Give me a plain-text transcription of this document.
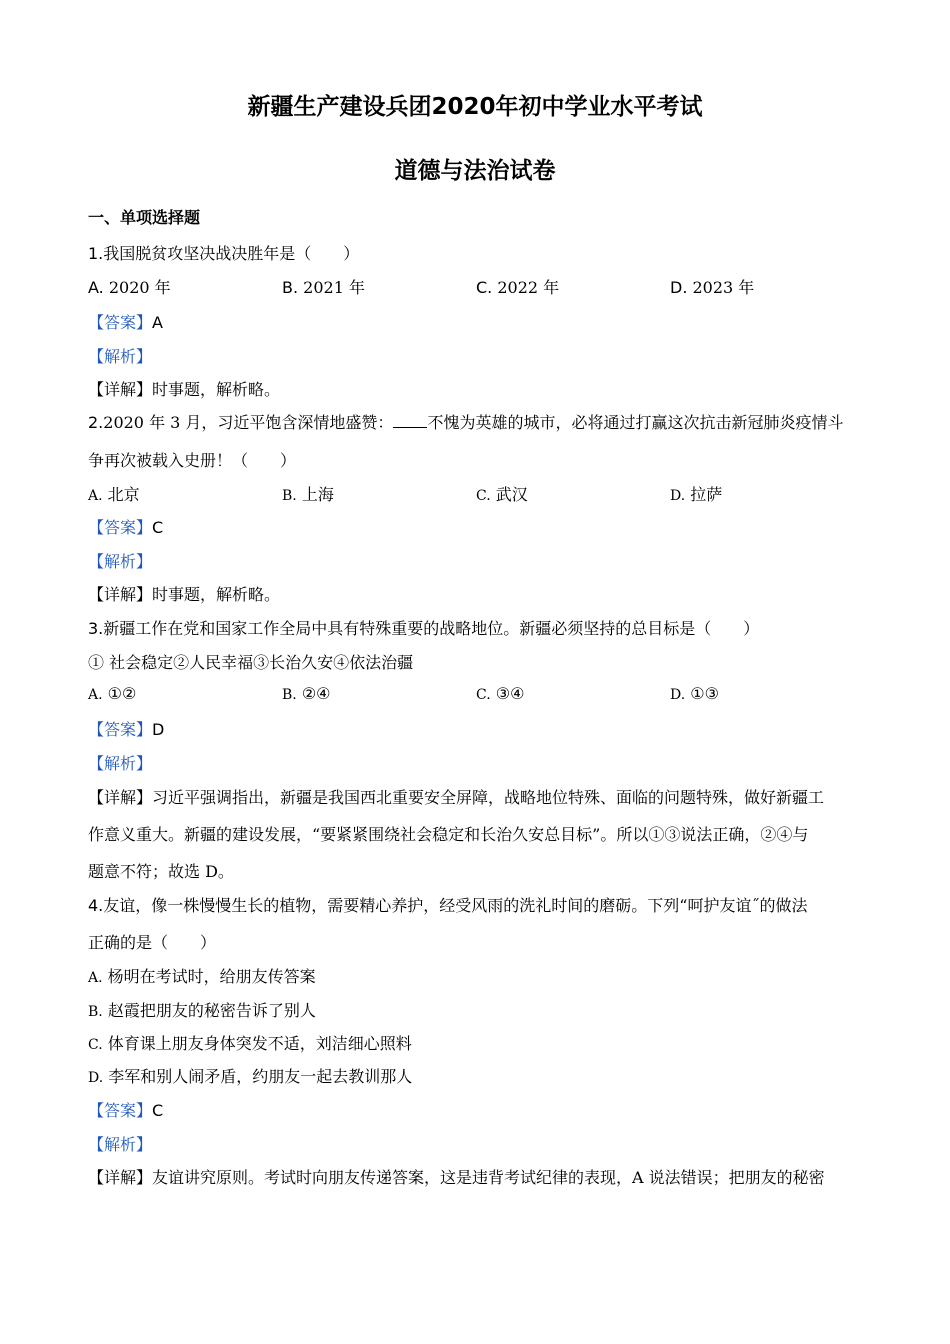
新疆生产建设兵团2020年初中学业水平考试
道德与法治试卷
一、单项选择题
1.我国脱贫攻坚决战决胜年是（　　）
A. 2020 年	B. 2021 年	C. 2022 年	D. 2023 年
【答案】A
【解析】
【详解】时事题，解析略。
2.2020 年 3 月，习近平饱含深情地盛赞： 不愧为英雄的城市，必将通过打赢这次抗击新冠肺炎疫情斗
争再次被载入史册！（　　）
A. 北京	B. 上海	C. 武汉	D. 拉萨
【答案】C
【解析】
【详解】时事题，解析略。
3.新疆工作在党和国家工作全局中具有特殊重要的战略地位。新疆必须坚持的总目标是（　　）
① 社会稳定②人民幸福③长治久安④依法治疆
A. ①②	B. ②④	C. ③④	D. ①③
【答案】D
【解析】
【详解】习近平强调指出，新疆是我国西北重要安全屏障，战略地位特殊、面临的问题特殊，做好新疆工
作意义重大。新疆的建设发展，“要紧紧围绕社会稳定和长治久安总目标”。所以①③说法正确，②④与
题意不符；故选 D。
4.友谊，像一株慢慢生长的植物，需要精心养护，经受风雨的洗礼时间的磨砺。下列“呵护友谊˝的做法
正确的是（　　）
A. 杨明在考试时，给朋友传答案
B. 赵霞把朋友的秘密告诉了别人
C. 体育课上朋友身体突发不适，刘洁细心照料
D. 李军和别人闹矛盾，约朋友一起去教训那人
【答案】C
【解析】
【详解】友谊讲究原则。考试时向朋友传递答案，这是违背考试纪律的表现，A 说法错误；把朋友的秘密
